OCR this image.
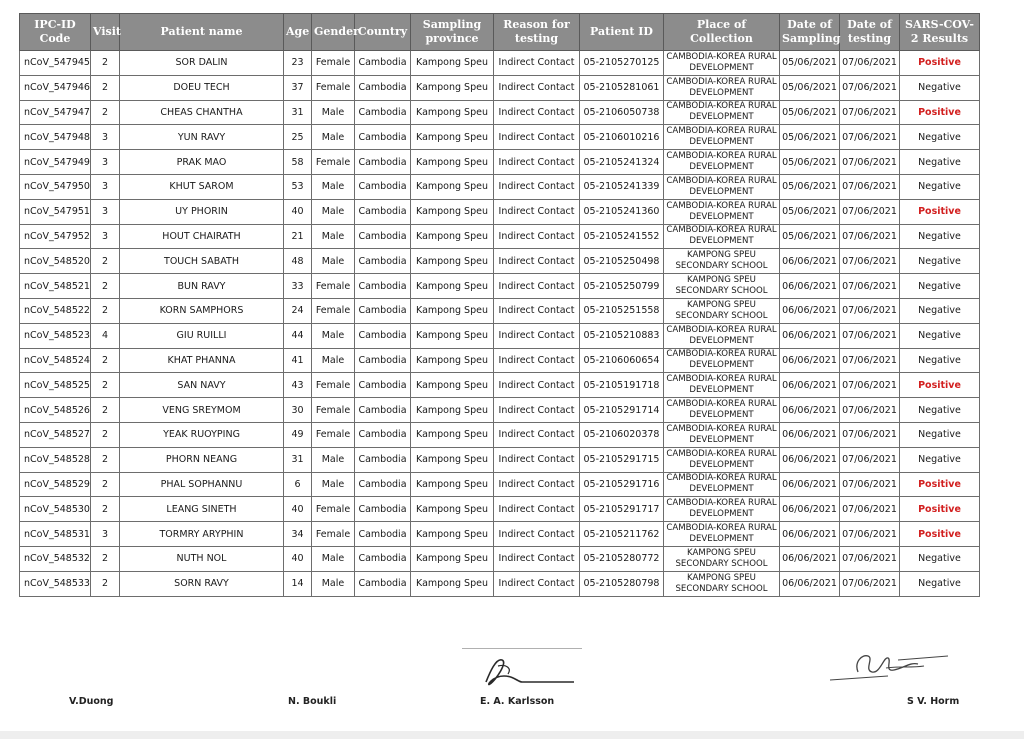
IPC-ID Code	Visit	Patient name	Age	Gender	Country	Sampling province	Reason for testing	Patient ID	Place of Collection	Date of Sampling	Date of testing	SARS-COV-2 Results
nCoV_547945	2	SOR DALIN	23	Female	Cambodia	Kampong Speu	Indirect Contact	05-2105270125	CAMBODIA-KOREA RURAL DEVELOPMENT	05/06/2021	07/06/2021	Positive
nCoV_547946	2	DOEU TECH	37	Female	Cambodia	Kampong Speu	Indirect Contact	05-2105281061	CAMBODIA-KOREA RURAL DEVELOPMENT	05/06/2021	07/06/2021	Negative
nCoV_547947	2	CHEAS CHANTHA	31	Male	Cambodia	Kampong Speu	Indirect Contact	05-2106050738	CAMBODIA-KOREA RURAL DEVELOPMENT	05/06/2021	07/06/2021	Positive
nCoV_547948	3	YUN RAVY	25	Male	Cambodia	Kampong Speu	Indirect Contact	05-2106010216	CAMBODIA-KOREA RURAL DEVELOPMENT	05/06/2021	07/06/2021	Negative
nCoV_547949	3	PRAK MAO	58	Female	Cambodia	Kampong Speu	Indirect Contact	05-2105241324	CAMBODIA-KOREA RURAL DEVELOPMENT	05/06/2021	07/06/2021	Negative
nCoV_547950	3	KHUT SAROM	53	Male	Cambodia	Kampong Speu	Indirect Contact	05-2105241339	CAMBODIA-KOREA RURAL DEVELOPMENT	05/06/2021	07/06/2021	Negative
nCoV_547951	3	UY PHORIN	40	Male	Cambodia	Kampong Speu	Indirect Contact	05-2105241360	CAMBODIA-KOREA RURAL DEVELOPMENT	05/06/2021	07/06/2021	Positive
nCoV_547952	3	HOUT CHAIRATH	21	Male	Cambodia	Kampong Speu	Indirect Contact	05-2105241552	CAMBODIA-KOREA RURAL DEVELOPMENT	05/06/2021	07/06/2021	Negative
nCoV_548520	2	TOUCH SABATH	48	Male	Cambodia	Kampong Speu	Indirect Contact	05-2105250498	KAMPONG SPEU SECONDARY SCHOOL	06/06/2021	07/06/2021	Negative
nCoV_548521	2	BUN RAVY	33	Female	Cambodia	Kampong Speu	Indirect Contact	05-2105250799	KAMPONG SPEU SECONDARY SCHOOL	06/06/2021	07/06/2021	Negative
nCoV_548522	2	KORN SAMPHORS	24	Female	Cambodia	Kampong Speu	Indirect Contact	05-2105251558	KAMPONG SPEU SECONDARY SCHOOL	06/06/2021	07/06/2021	Negative
nCoV_548523	4	GIU RUILLI	44	Male	Cambodia	Kampong Speu	Indirect Contact	05-2105210883	CAMBODIA-KOREA RURAL DEVELOPMENT	06/06/2021	07/06/2021	Negative
nCoV_548524	2	KHAT PHANNA	41	Male	Cambodia	Kampong Speu	Indirect Contact	05-2106060654	CAMBODIA-KOREA RURAL DEVELOPMENT	06/06/2021	07/06/2021	Negative
nCoV_548525	2	SAN NAVY	43	Female	Cambodia	Kampong Speu	Indirect Contact	05-2105191718	CAMBODIA-KOREA RURAL DEVELOPMENT	06/06/2021	07/06/2021	Positive
nCoV_548526	2	VENG SREYMOM	30	Female	Cambodia	Kampong Speu	Indirect Contact	05-2105291714	CAMBODIA-KOREA RURAL DEVELOPMENT	06/06/2021	07/06/2021	Negative
nCoV_548527	2	YEAK RUOYPING	49	Female	Cambodia	Kampong Speu	Indirect Contact	05-2106020378	CAMBODIA-KOREA RURAL DEVELOPMENT	06/06/2021	07/06/2021	Negative
nCoV_548528	2	PHORN NEANG	31	Male	Cambodia	Kampong Speu	Indirect Contact	05-2105291715	CAMBODIA-KOREA RURAL DEVELOPMENT	06/06/2021	07/06/2021	Negative
nCoV_548529	2	PHAL SOPHANNU	6	Male	Cambodia	Kampong Speu	Indirect Contact	05-2105291716	CAMBODIA-KOREA RURAL DEVELOPMENT	06/06/2021	07/06/2021	Positive
nCoV_548530	2	LEANG SINETH	40	Female	Cambodia	Kampong Speu	Indirect Contact	05-2105291717	CAMBODIA-KOREA RURAL DEVELOPMENT	06/06/2021	07/06/2021	Positive
nCoV_548531	3	TORMRY ARYPHIN	34	Female	Cambodia	Kampong Speu	Indirect Contact	05-2105211762	CAMBODIA-KOREA RURAL DEVELOPMENT	06/06/2021	07/06/2021	Positive
nCoV_548532	2	NUTH NOL	40	Male	Cambodia	Kampong Speu	Indirect Contact	05-2105280772	KAMPONG SPEU SECONDARY SCHOOL	06/06/2021	07/06/2021	Negative
nCoV_548533	2	SORN RAVY	14	Male	Cambodia	Kampong Speu	Indirect Contact	05-2105280798	KAMPONG SPEU SECONDARY SCHOOL	06/06/2021	07/06/2021	Negative
V.Duong	N. Boukli	E. A. Karlsson	S V. Horm
